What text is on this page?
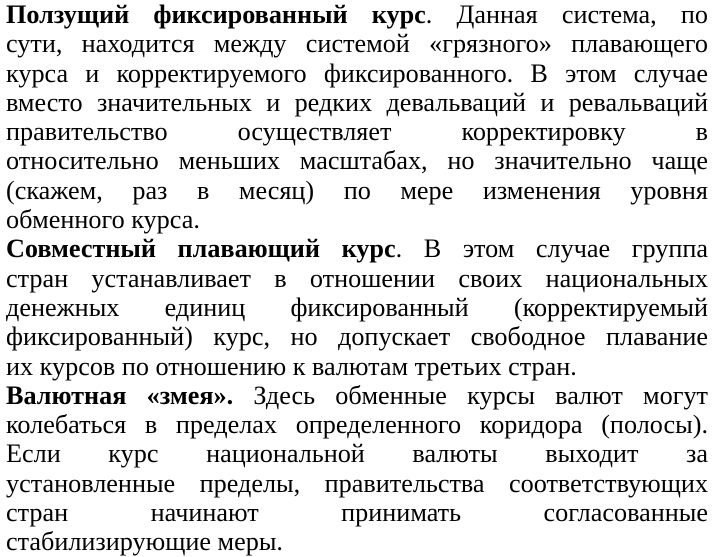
Ползущий фиксированный курс. Данная система, по
сути, находится между системой «грязного» плавающего
курса и корректируемого фиксированного. В этом случае
вместо значительных и редких девальваций и ревальваций
правительство	осуществляет	корректировку	в
относительно меньших масштабах, но значительно чаще
(скажем, раз в месяц) по мере изменения уровня
обменного курса.
Совместный плавающий курс. В этом случае группа
стран устанавливает в отношении своих национальных
денежных единиц фиксированный (корректируемый
фиксированный) курс, но допускает свободное плавание
их курсов по отношению к валютам третьих стран.
Валютная «змея». Здесь обменные курсы валют могут
колебаться в пределах определенного коридора (полосы).
Если курс национальной валюты выходит за
установленные пределы, правительства соответствующих
стран	начинают	принимать	согласованные
стабилизирующие меры.
